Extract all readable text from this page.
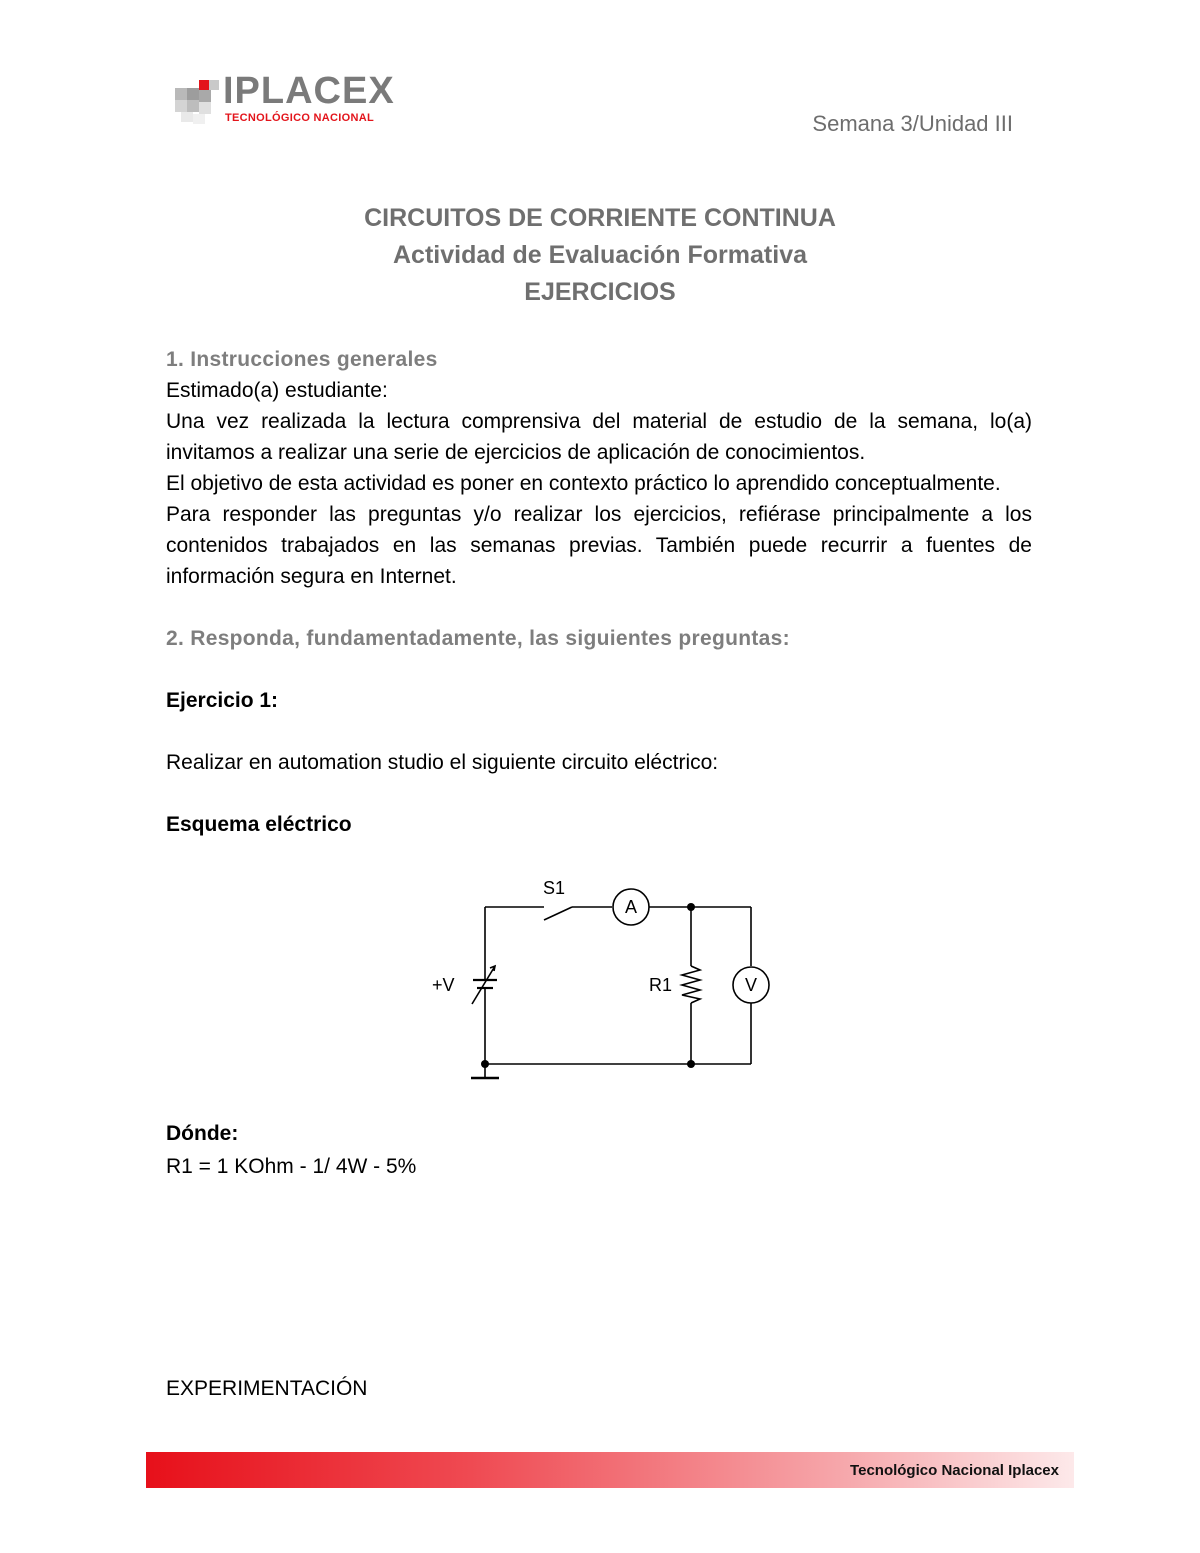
IPLACEX
TECNOLÓGICO NACIONAL	Semana 3/Unidad III
CIRCUITOS DE CORRIENTE CONTINUA
Actividad de Evaluación Formativa
EJERCICIOS

1. Instrucciones generales

Estimado(a) estudiante:

Una vez realizada la lectura comprensiva del material de estudio de la semana, lo(a) invitamos a realizar una serie de ejercicios de aplicación de conocimientos.

El objetivo de esta actividad es poner en contexto práctico lo aprendido conceptualmente.

Para responder las preguntas y/o realizar los ejercicios, refiérase principalmente a los contenidos trabajados en las semanas previas. También puede recurrir a fuentes de información segura en Internet.

2. Responda, fundamentadamente, las siguientes preguntas:

Ejercicio 1:

Realizar en automation studio el siguiente circuito eléctrico:

Esquema eléctrico

S1
A
V
R1
+V
Dónde:
R1 = 1 KOhm - 1/ 4W - 5%
EXPERIMENTACIÓN
Tecnológico Nacional Iplacex
